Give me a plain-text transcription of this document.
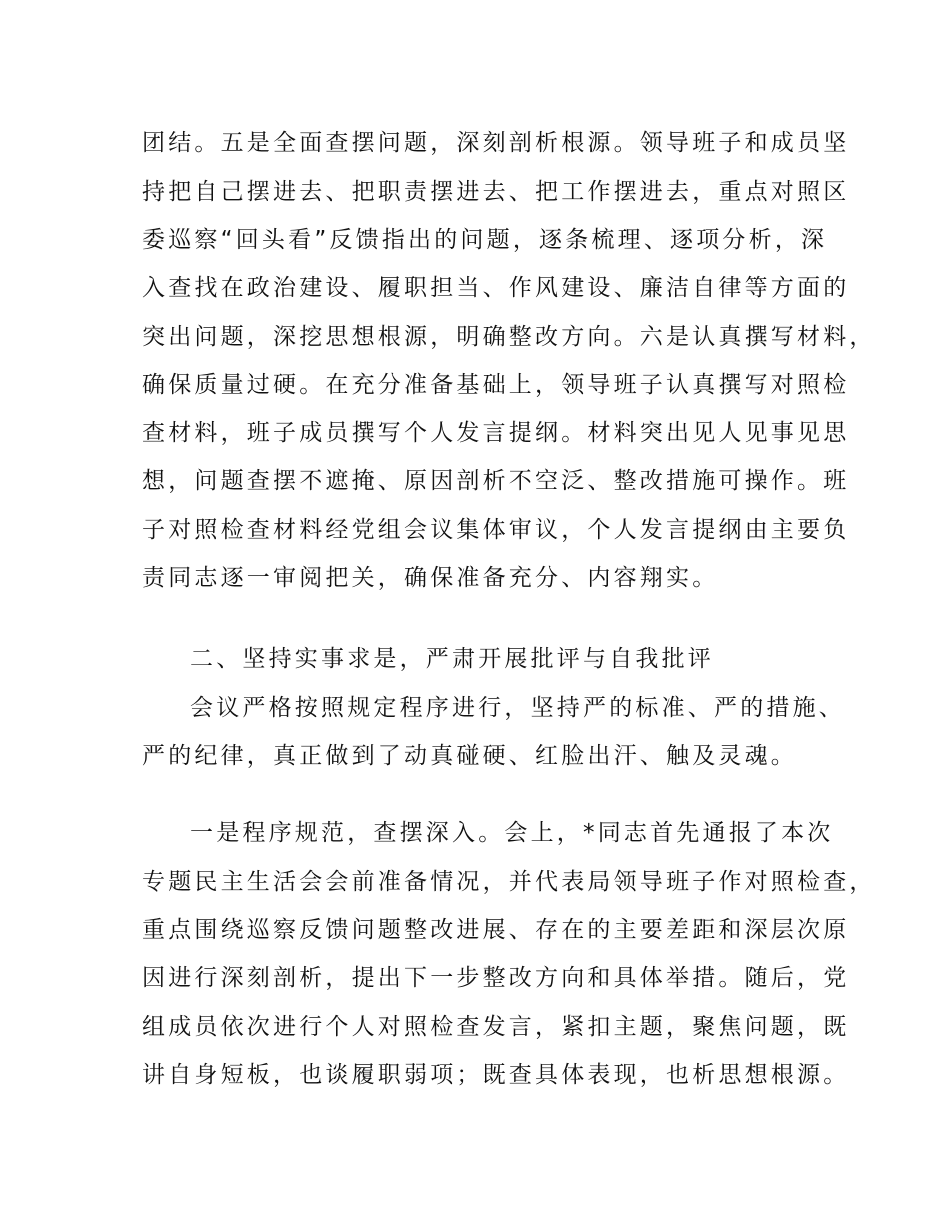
团结。五是全面查摆问题，深刻剖析根源。领导班子和成员坚
持把自己摆进去、把职责摆进去、把工作摆进去，重点对照区
委巡察“回头看”反馈指出的问题，逐条梳理、逐项分析，深
入查找在政治建设、履职担当、作风建设、廉洁自律等方面的
突出问题，深挖思想根源，明确整改方向。六是认真撰写材料，
确保质量过硬。在充分准备基础上，领导班子认真撰写对照检
查材料，班子成员撰写个人发言提纲。材料突出见人见事见思
想，问题查摆不遮掩、原因剖析不空泛、整改措施可操作。班
子对照检查材料经党组会议集体审议，个人发言提纲由主要负
责同志逐一审阅把关，确保准备充分、内容翔实。
二、坚持实事求是，严肃开展批评与自我批评
会议严格按照规定程序进行，坚持严的标准、严的措施、
严的纪律，真正做到了动真碰硬、红脸出汗、触及灵魂。
一是程序规范，查摆深入。会上，*同志首先通报了本次
专题民主生活会会前准备情况，并代表局领导班子作对照检查，
重点围绕巡察反馈问题整改进展、存在的主要差距和深层次原
因进行深刻剖析，提出下一步整改方向和具体举措。随后，党
组成员依次进行个人对照检查发言，紧扣主题，聚焦问题，既
讲自身短板，也谈履职弱项；既查具体表现，也析思想根源。
